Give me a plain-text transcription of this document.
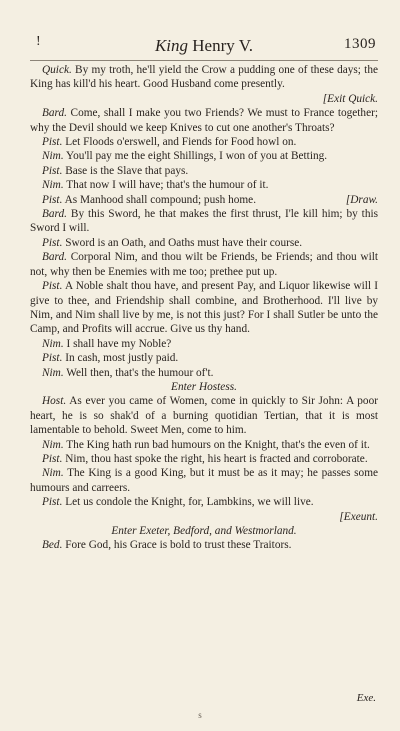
!	King Henry V.	1309

Quick. By my troth, he'll yield the Crow a pudding one of these days; the King has kill'd his heart. Good Husband come presently.
[Exit Quick.

Bard. Come, shall I make you two Friends? We must to France together; why the Devil should we keep Knives to cut one another's Throats?

Pist. Let Floods o'erswell, and Fiends for Food howl on.

Nim. You'll pay me the eight Shillings, I won of you at Betting.

Pist. Base is the Slave that pays.

Nim. That now I will have; that's the humour of it.

Pist. As Manhood shall compound; push home.	[Draw.

Bard. By this Sword, he that makes the first thrust, I'le kill him; by this Sword I will.

Pist. Sword is an Oath, and Oaths must have their course.

Bard. Corporal Nim, and thou wilt be Friends, be Friends; and thou wilt not, why then be Enemies with me too; prethee put up.

Pist. A Noble shalt thou have, and present Pay, and Liquor likewise will I give to thee, and Friendship shall combine, and Brotherhood. I'll live by Nim, and Nim shall live by me, is not this just? For I shall Sutler be unto the Camp, and Profits will accrue. Give us thy hand.

Nim. I shall have my Noble?

Pist. In cash, most justly paid.

Nim. Well then, that's the humour of't.

Enter Hostess.

Host. As ever you came of Women, come in quickly to Sir John: A poor heart, he is so shak'd of a burning quotidian Tertian, that it is most lamentable to behold. Sweet Men, come to him.

Nim. The King hath run bad humours on the Knight, that's the even of it.

Pist. Nim, thou hast spoke the right, his heart is fracted and corroborate.

Nim. The King is a good King, but it must be as it may; he passes some humours and carreers.

Pist. Let us condole the Knight, for, Lambkins, we will live.
[Exeunt.

Enter Exeter, Bedford, and Westmorland.

Bed. Fore God, his Grace is bold to trust these Traitors.

Exe.
s
